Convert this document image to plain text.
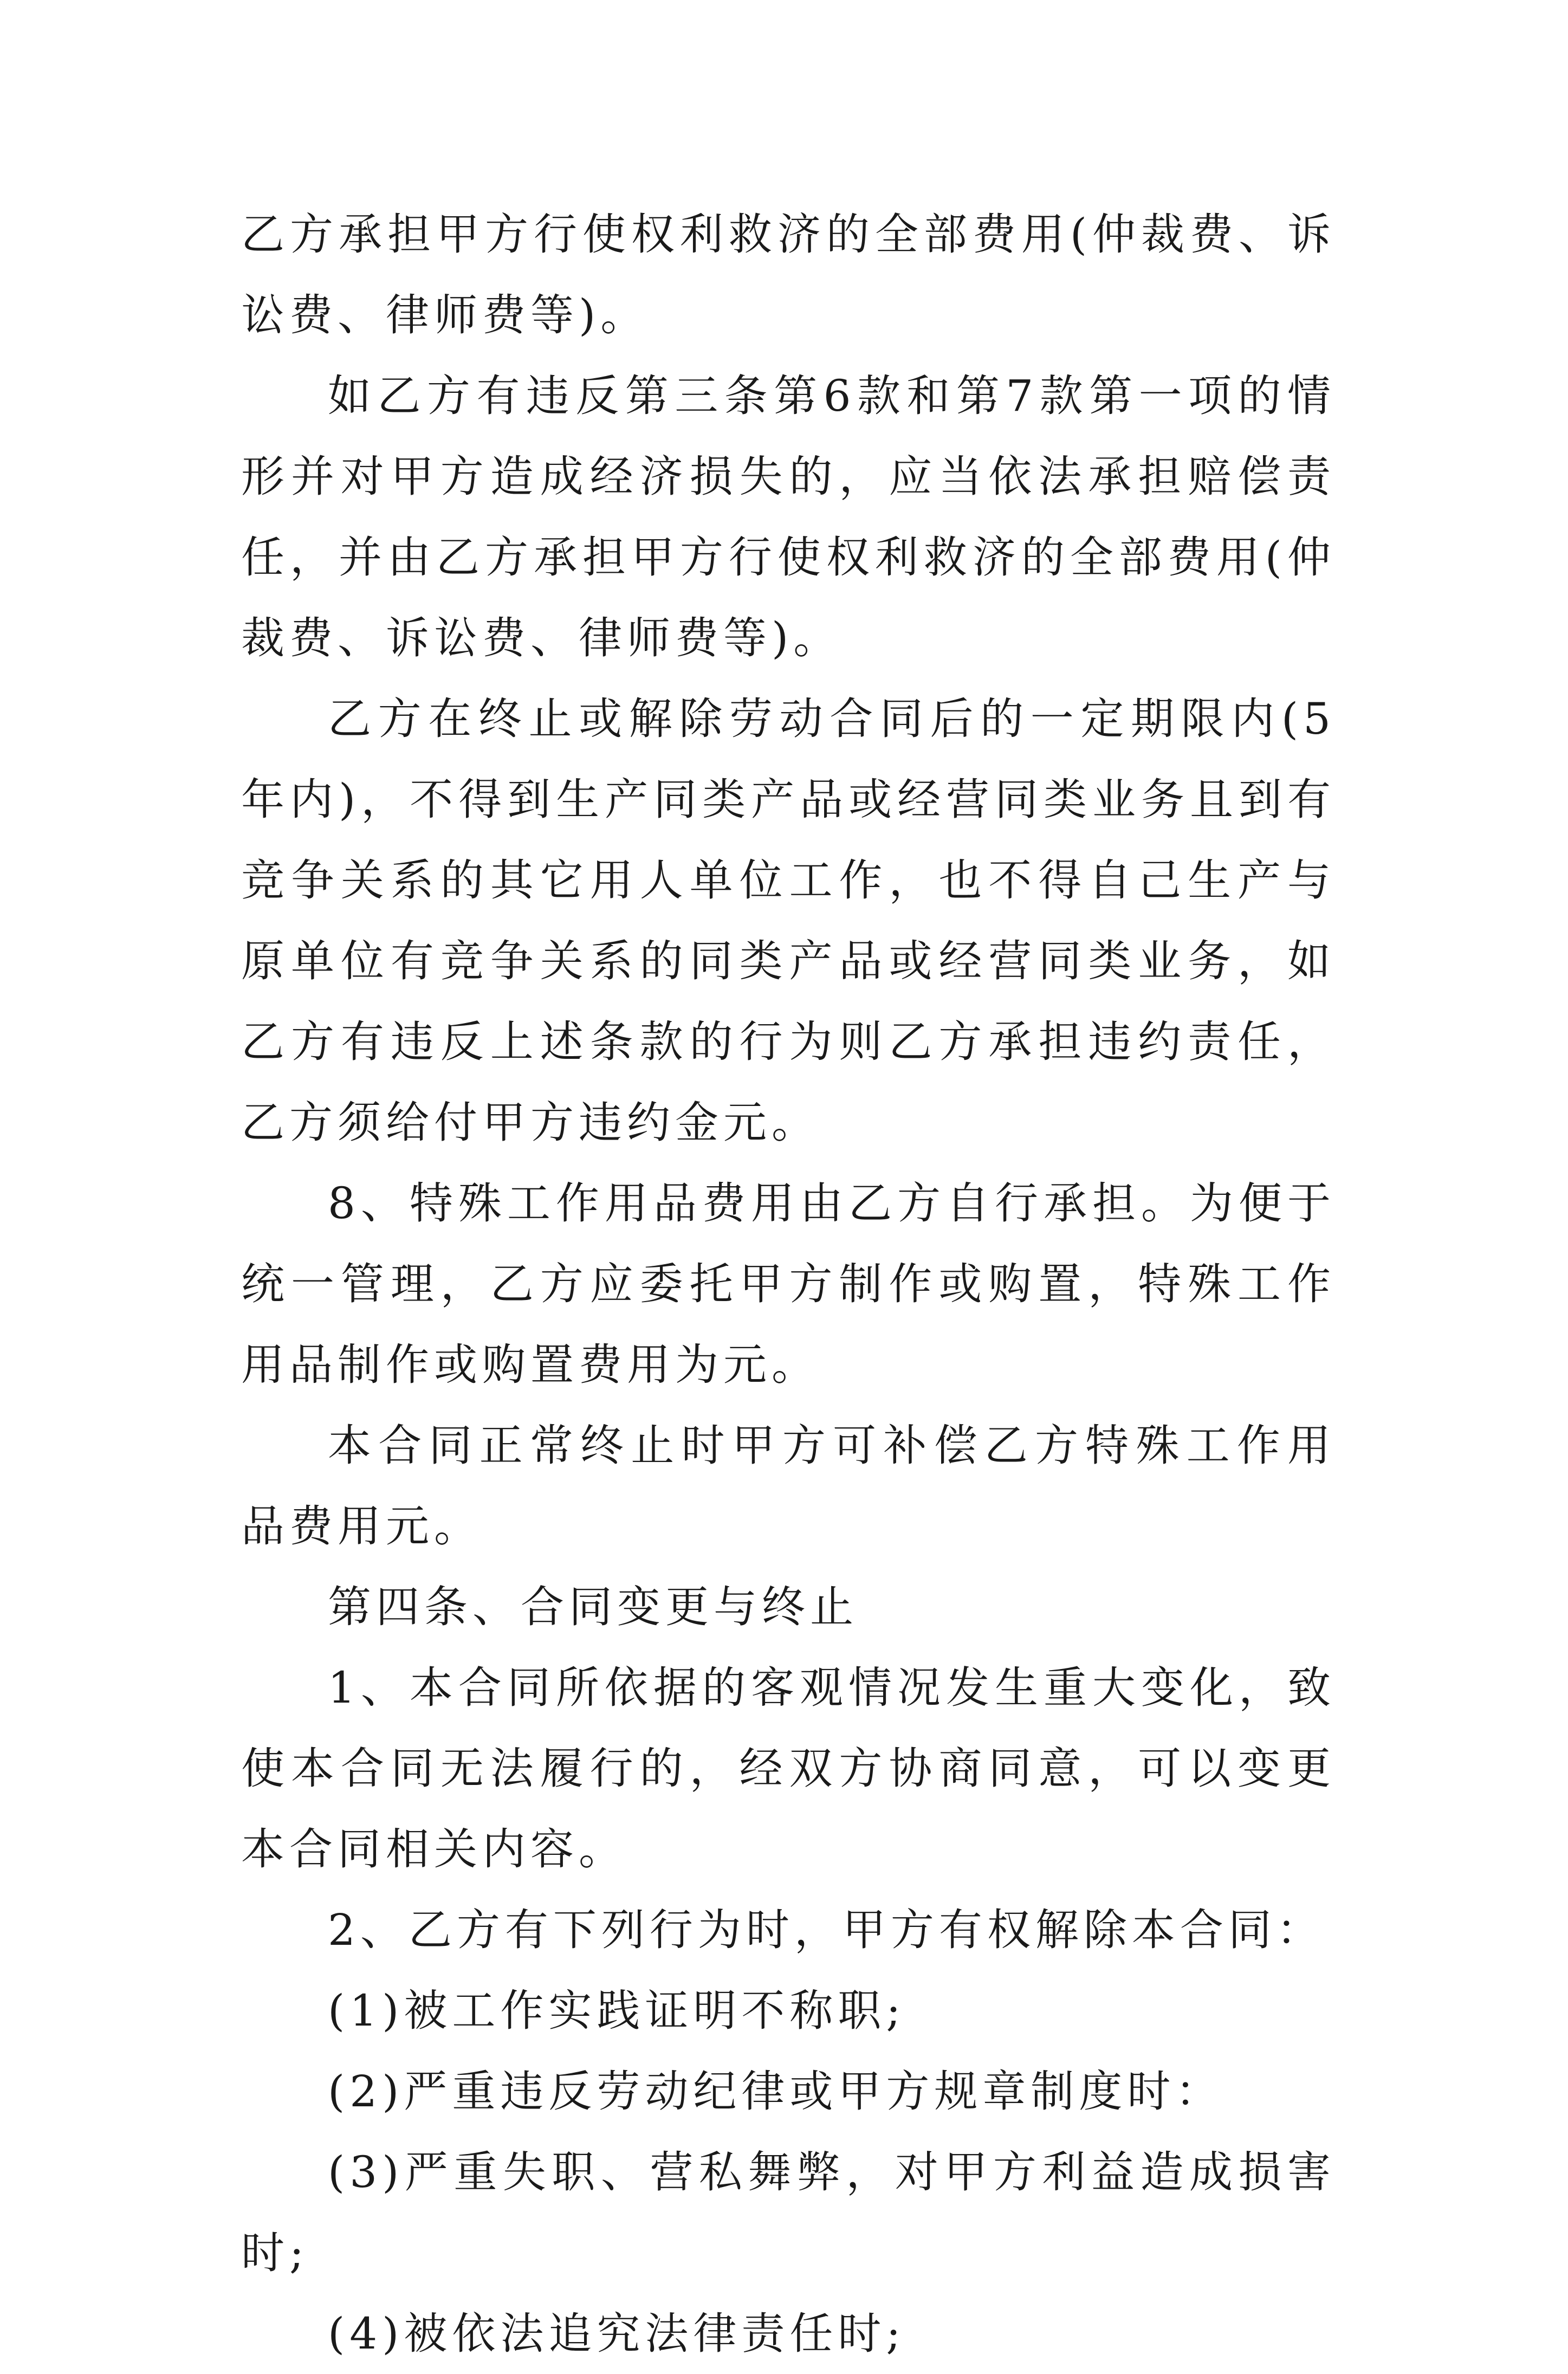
乙方承担甲方行使权利救济的全部费用(仲裁费、诉讼费、律师费等)。

如乙方有违反第三条第6款和第7款第一项的情形并对甲方造成经济损失的，应当依法承担赔偿责任，并由乙方承担甲方行使权利救济的全部费用(仲裁费、诉讼费、律师费等)。

乙方在终止或解除劳动合同后的一定期限内(5年内)，不得到生产同类产品或经营同类业务且到有竞争关系的其它用人单位工作，也不得自己生产与原单位有竞争关系的同类产品或经营同类业务，如乙方有违反上述条款的行为则乙方承担违约责任，乙方须给付甲方违约金元。

8、特殊工作用品费用由乙方自行承担。为便于统一管理，乙方应委托甲方制作或购置，特殊工作用品制作或购置费用为元。

本合同正常终止时甲方可补偿乙方特殊工作用品费用元。

第四条、合同变更与终止

1、本合同所依据的客观情况发生重大变化，致使本合同无法履行的，经双方协商同意，可以变更本合同相关内容。

2、乙方有下列行为时，甲方有权解除本合同：

(1)被工作实践证明不称职;

(2)严重违反劳动纪律或甲方规章制度时：

(3)严重失职、营私舞弊，对甲方利益造成损害时;

(4)被依法追究法律责任时;
